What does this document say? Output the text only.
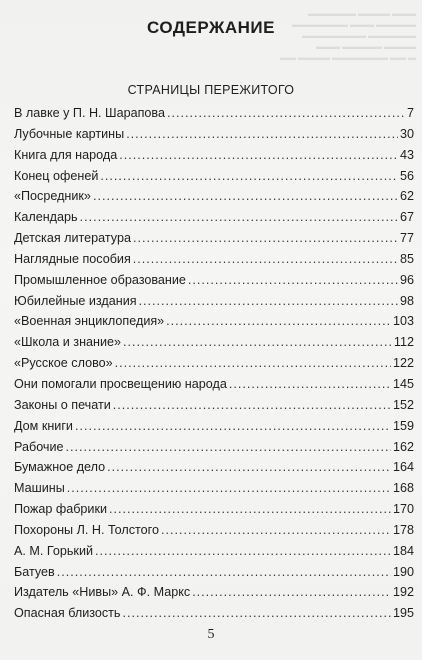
▬▬▬ ▬▬▬▬ ▬▬▬▬▬▬
▬▬▬▬▬ ▬▬▬ ▬▬▬▬▬▬▬
▬▬▬▬▬▬ ▬▬▬▬▬▬▬▬
▬▬▬▬ ▬▬▬▬▬ ▬▬▬
▬ ▬▬ ▬▬▬▬▬▬▬ ▬▬▬▬ ▬▬
СОДЕРЖАНИЕ
СТРАНИЦЫ ПЕРЕЖИТОГО
В лавке у П. Н. Шарапова .....	7
Лубочные картины .....	30
Книга для народа .....	43
Конец офеней .....	56
«Посредник» .....	62
Календарь .....	67
Детская литература .....	77
Наглядные пособия .....	85
Промышленное образование .....	96
Юбилейные издания .....	98
«Военная энциклопедия» .....	103
«Школа и знание» .....	112
«Русское слово» .....	122
Они помогали просвещению народа .....	145
Законы о печати .....	152
Дом книги .....	159
Рабочие .....	162
Бумажное дело .....	164
Машины .....	168
Пожар фабрики .....	170
Похороны Л. Н. Толстого .....	178
А. М. Горький .....	184
Батуев .....	190
Издатель «Нивы» А. Ф. Маркс .....	192
Опасная близость .....	195
5
